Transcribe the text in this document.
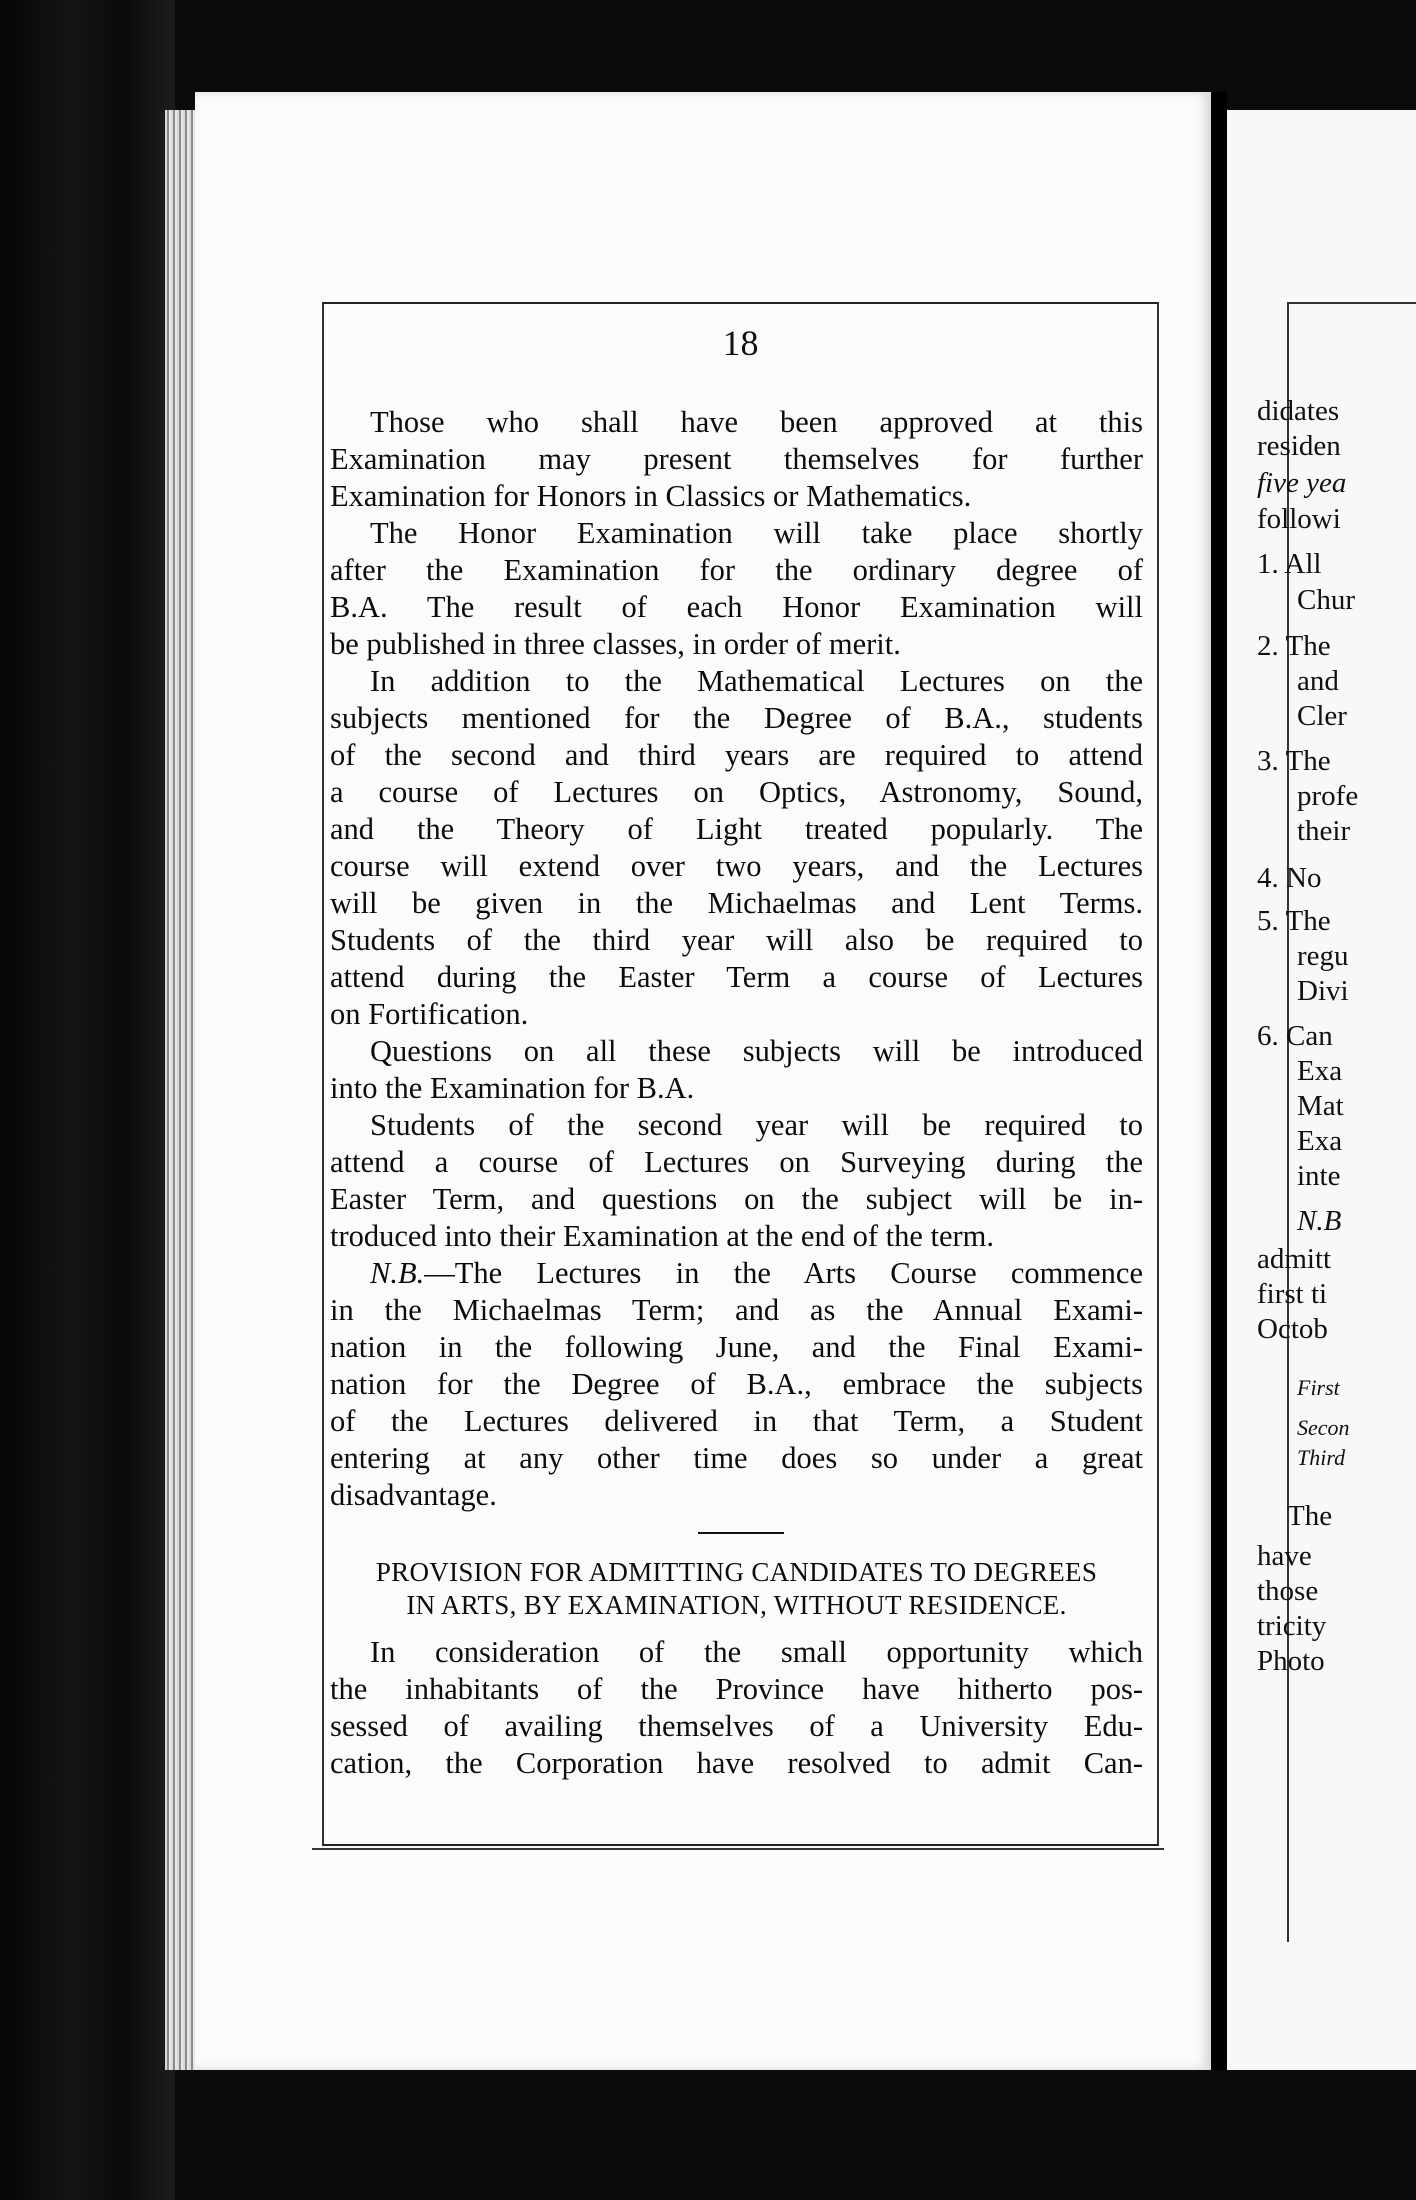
didates
residen
five yea
followi
1. All
Chur
2. The
and
Cler
3. The
profe
their
4. No
5. The
regu
Divi
6. Can
Exa
Mat
Exa
inte
N.B
admitt
first ti
Octob
First
Secon
Third
The
have
those
tricity
Photo
18

Those who shall have been approved at this
Examination may present themselves for further
Examination for Honors in Classics or Mathematics.

The Honor Examination will take place shortly
after the Examination for the ordinary degree of
B.A. The result of each Honor Examination will
be published in three classes, in order of merit.

In addition to the Mathematical Lectures on the
subjects mentioned for the Degree of B.A., students
of the second and third years are required to attend
a course of Lectures on Optics, Astronomy, Sound,
and the Theory of Light treated popularly. The
course will extend over two years, and the Lectures
will be given in the Michaelmas and Lent Terms.
Students of the third year will also be required to
attend during the Easter Term a course of Lectures
on Fortification.

Questions on all these subjects will be introduced
into the Examination for B.A.

Students of the second year will be required to
attend a course of Lectures on Surveying during the
Easter Term, and questions on the subject will be in-
troduced into their Examination at the end of the term.

N.B.—The Lectures in the Arts Course commence
in the Michaelmas Term; and as the Annual Exami-
nation in the following June, and the Final Exami-
nation for the Degree of B.A., embrace the subjects
of the Lectures delivered in that Term, a Student
entering at any other time does so under a great
disadvantage.

PROVISION FOR ADMITTING CANDIDATES TO DEGREES
IN ARTS, BY EXAMINATION, WITHOUT RESIDENCE.

In consideration of the small opportunity which
the inhabitants of the Province have hitherto pos-
sessed of availing themselves of a University Edu-
cation, the Corporation have resolved to admit Can-
